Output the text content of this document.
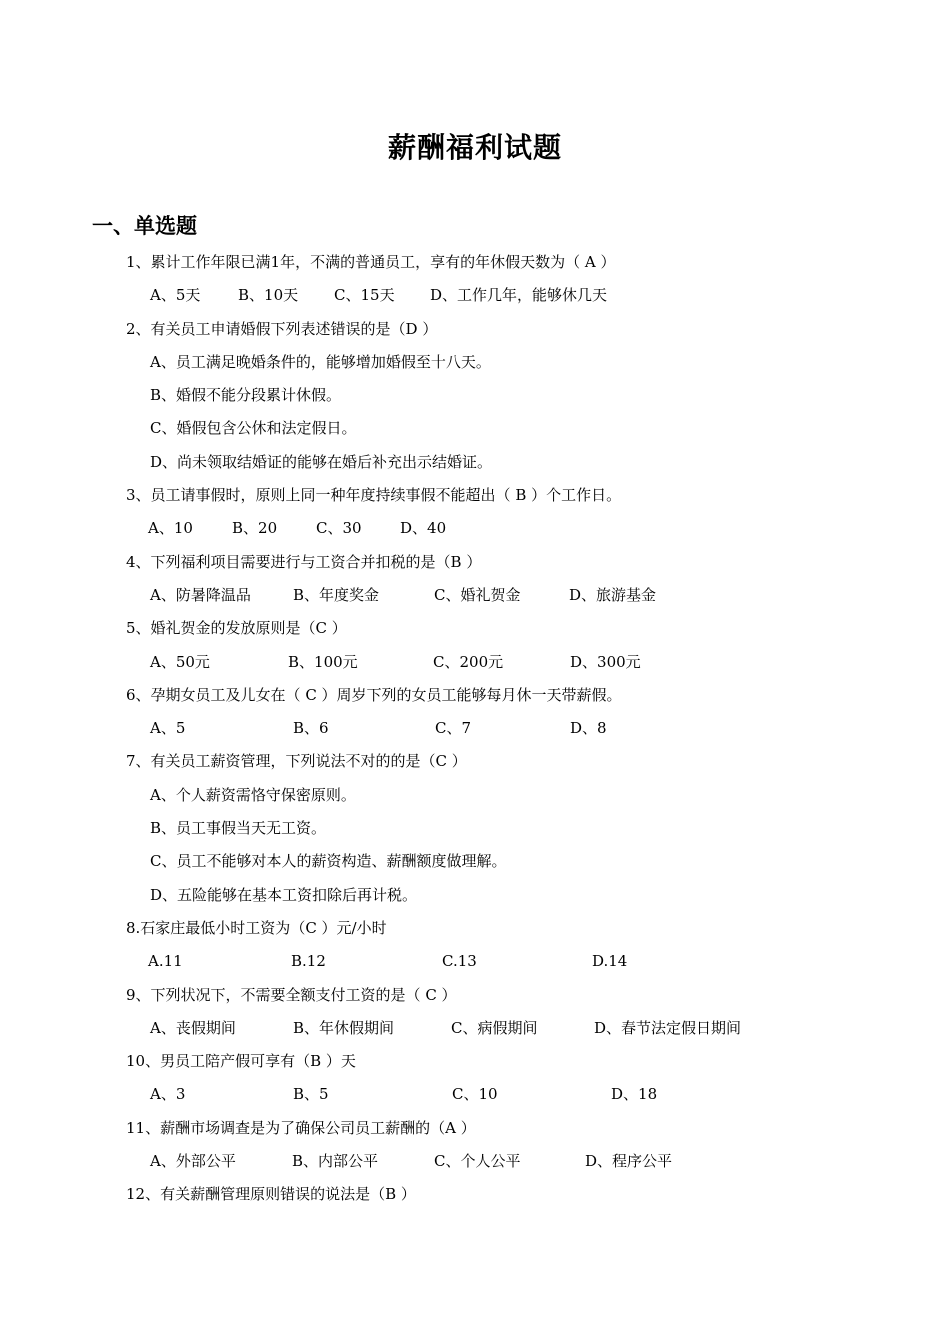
薪酬福利试题
一、单选题
1、累计工作年限已满1年，不满的普通员工，享有的年休假天数为（ A ）
A、5天	B、10天 C、15天 D、工作几年，能够休几天
2、有关员工申请婚假下列表述错误的是（D ）
A、员工满足晚婚条件的，能够增加婚假至十八天。
B、婚假不能分段累计休假。
C、婚假包含公休和法定假日。
D、尚未领取结婚证的能够在婚后补充出示结婚证。
3、员工请事假时，原则上同一种年度持续事假不能超出（ B ）个工作日。
A、10	B、20	C、30	D、40
4、下列福利项目需要进行与工资合并扣税的是（B ）
A、防暑降温品	B、年度奖金	C、婚礼贺金	D、旅游基金
5、婚礼贺金的发放原则是（C ）
A、50元	B、100元	C、200元	D、300元
6、孕期女员工及儿女在（ C ）周岁下列的女员工能够每月休一天带薪假。
A、5	B、6	C、7	D、8
7、有关员工薪资管理，下列说法不对的的是（C ）
A、个人薪资需恪守保密原则。
B、员工事假当天无工资。
C、员工不能够对本人的薪资构造、薪酬额度做理解。
D、五险能够在基本工资扣除后再计税。
8.石家庄最低小时工资为（C ）元/小时
A.11	B.12	C.13	D.14
9、下列状况下，不需要全额支付工资的是（ C ）
A、丧假期间	B、年休假期间	C、病假期间	D、春节法定假日期间
10、男员工陪产假可享有（B ）天
A、3	B、5	C、10	D、18
11、薪酬市场调查是为了确保公司员工薪酬的（A ）
A、外部公平	B、内部公平	C、个人公平	D、程序公平
12、有关薪酬管理原则错误的说法是（B ）
